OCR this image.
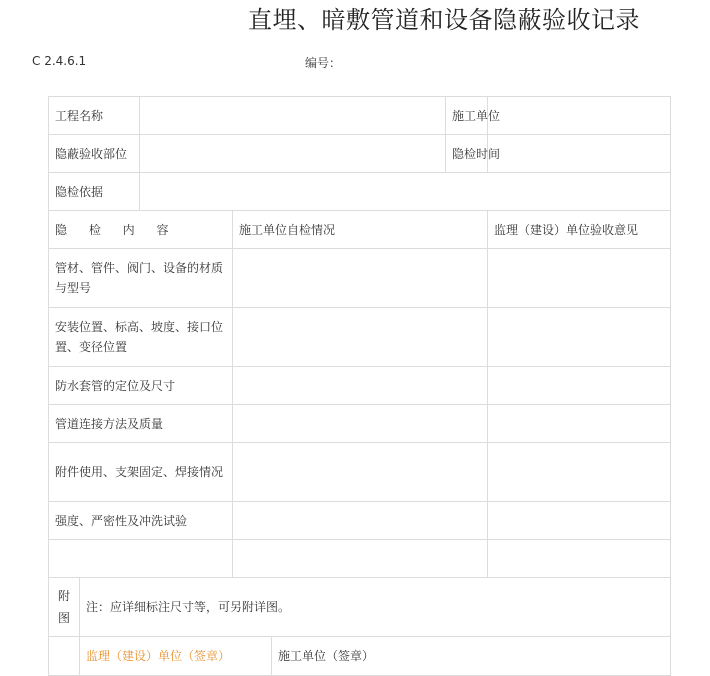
直埋、暗敷管道和设备隐蔽验收记录
C 2.4.6.1	编号：
工程名称					施工单位	
隐蔽验收部位					隐检时间	
隐检依据						
隐 检 内 容			施工单位自检情况			监理（建设）单位验收意见
管材、管件、阀门、设备的材质与型号						
安装位置、标高、坡度、接口位置、变径位置						
防水套管的定位及尺寸						
管道连接方法及质量						
附件使用、支架固定、焊接情况						
强度、严密性及冲洗试验						

附图	注：应详细标注尺寸等，可另附详图。					
	监理（建设）单位（签章）			施工单位（签章）		
